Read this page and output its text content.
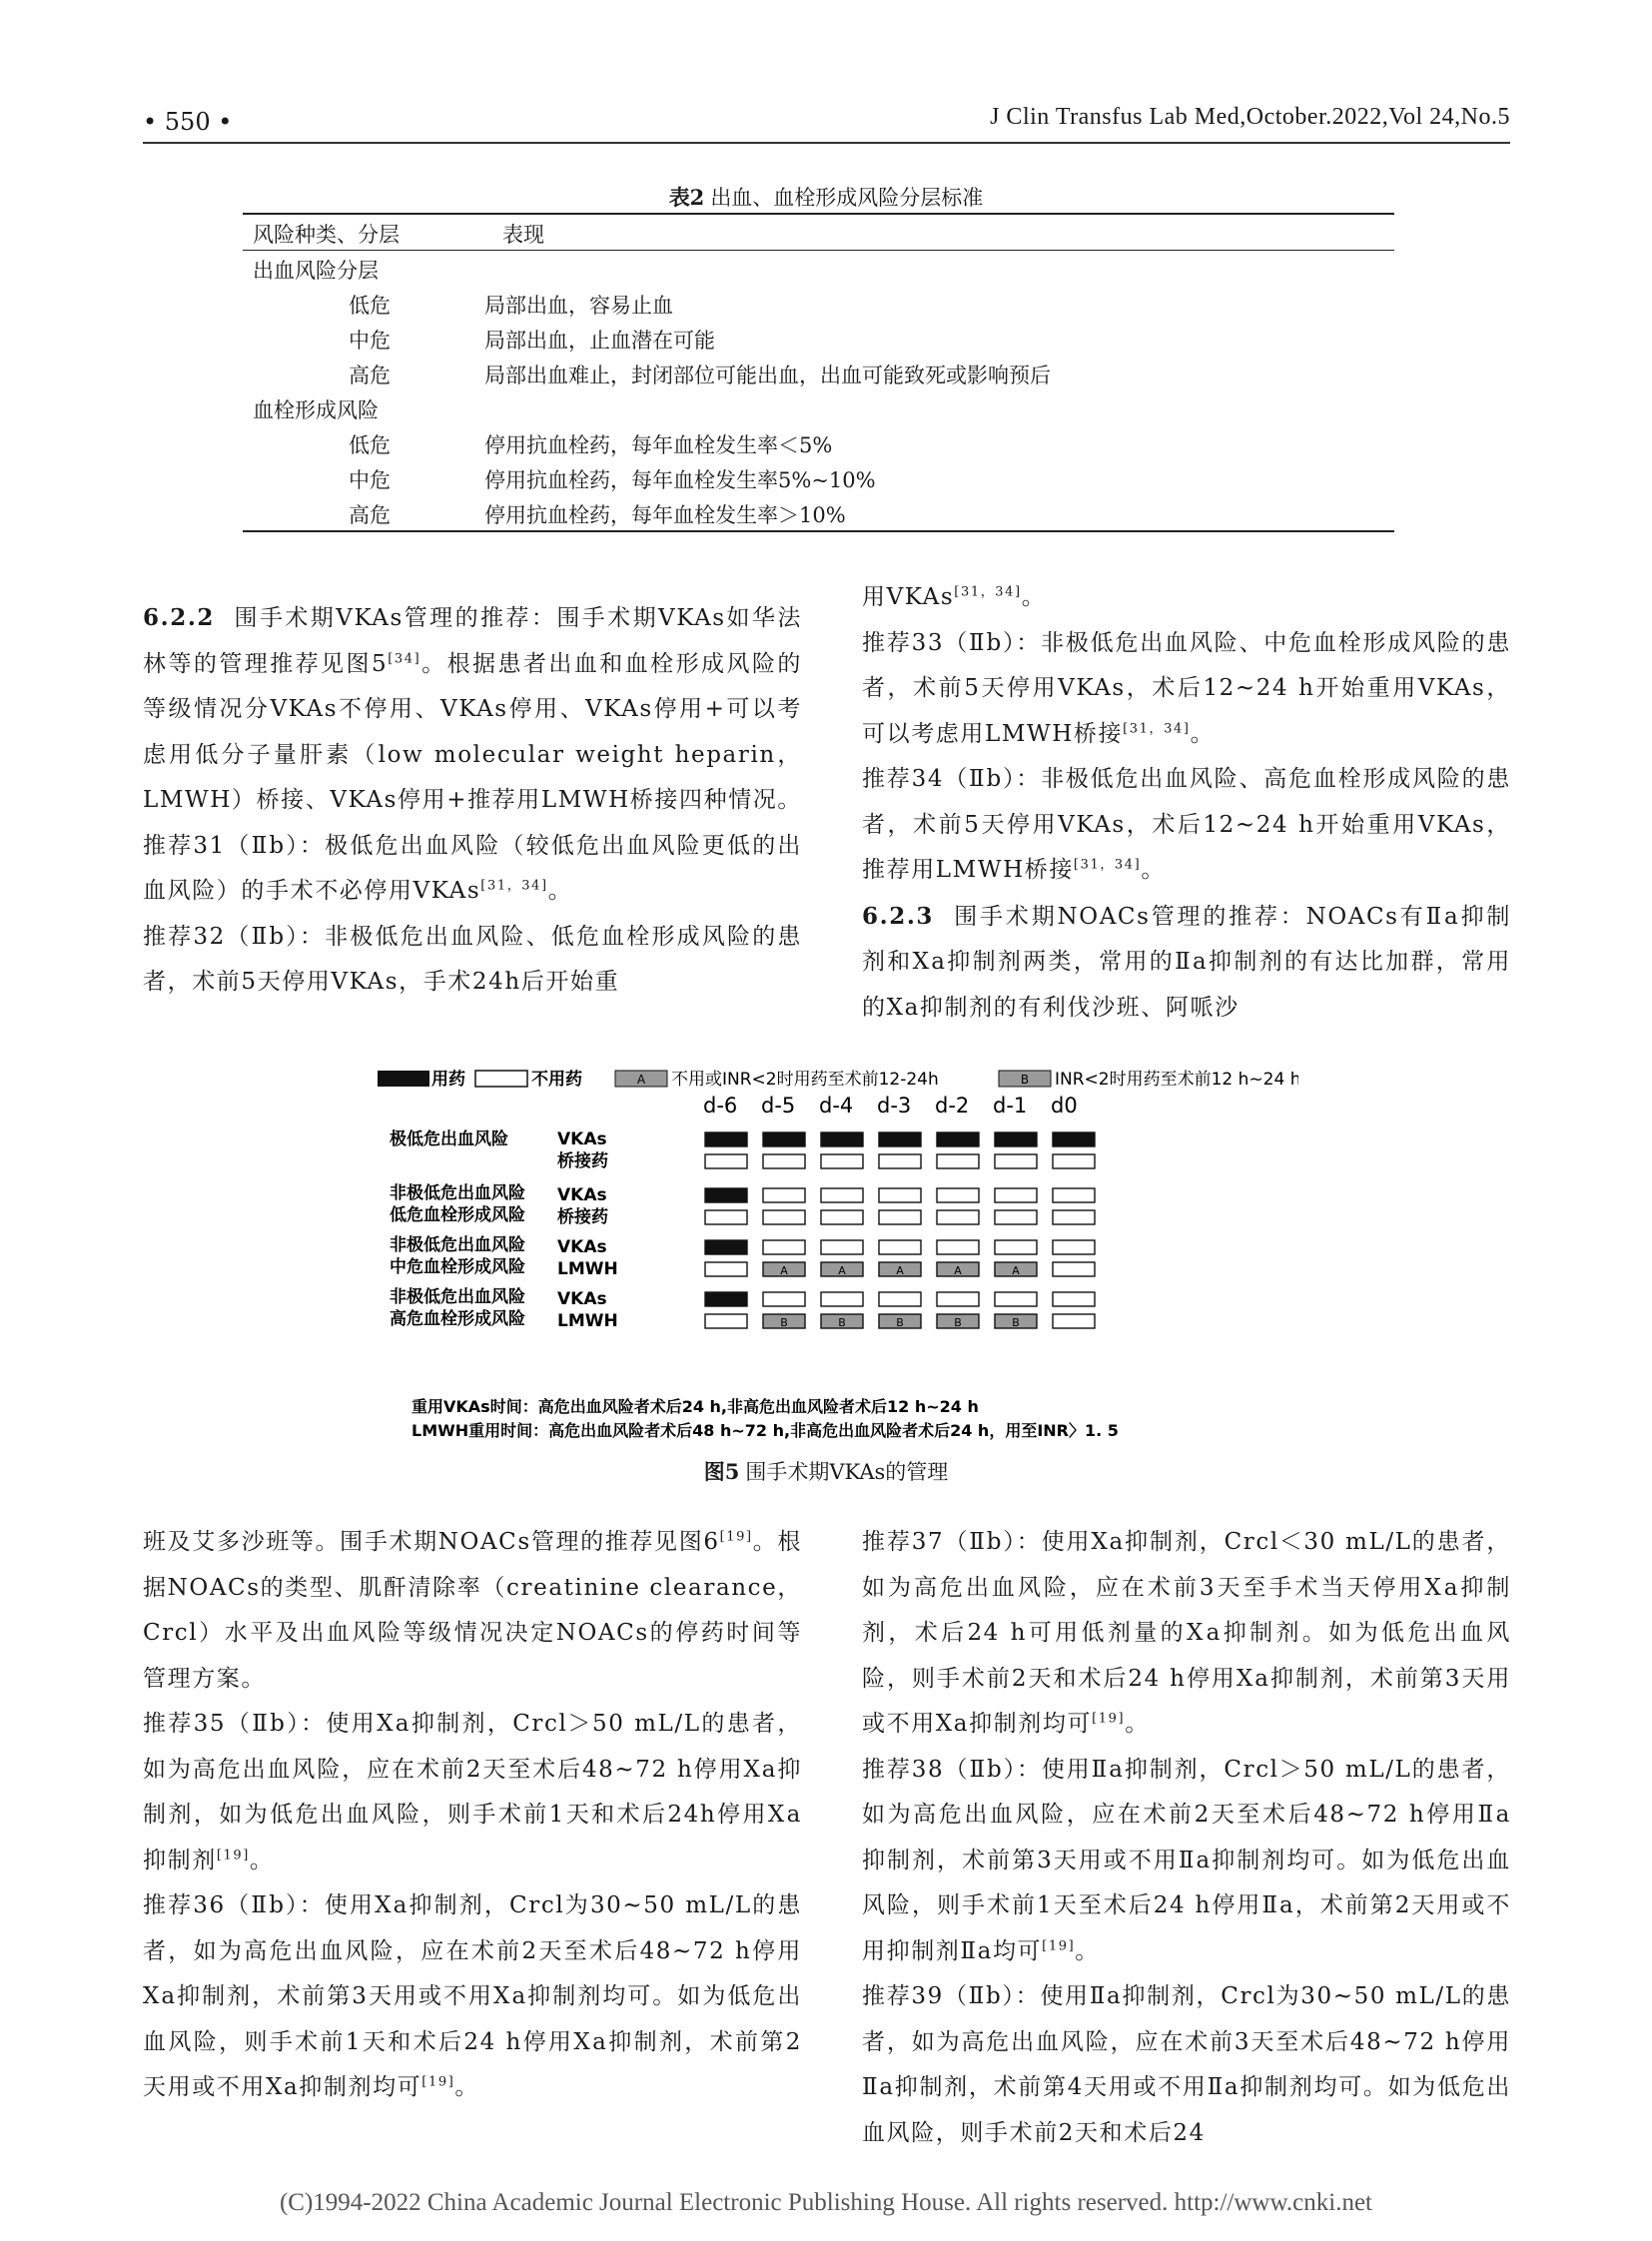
• 550 •	J Clin Transfus Lab Med,October.2022,Vol 24,No.5
表2 出血、血栓形成风险分层标准
风险种类、分层	表现
出血风险分层
低危	局部出血，容易止血
中危	局部出血，止血潜在可能
高危	局部出血难止，封闭部位可能出血，出血可能致死或影响预后
血栓形成风险
低危	停用抗血栓药，每年血栓发生率＜5%
中危	停用抗血栓药，每年血栓发生率5%~10%
高危	停用抗血栓药，每年血栓发生率＞10%

6.2.2 围手术期VKAs管理的推荐：围手术期VKAs如华法林等的管理推荐见图5[34]。根据患者出血和血栓形成风险的等级情况分VKAs不停用、VKAs停用、VKAs停用+可以考虑用低分子量肝素（low molecular weight heparin，LMWH）桥接、VKAs停用+推荐用LMWH桥接四种情况。

推荐31（Ⅱb）：极低危出血风险（较低危出血风险更低的出血风险）的手术不必停用VKAs[31，34]。

推荐32（Ⅱb）：非极低危出血风险、低危血栓形成风险的患者，术前5天停用VKAs，手术24h后开始重

用VKAs[31，34]。

推荐33（Ⅱb）：非极低危出血风险、中危血栓形成风险的患者，术前5天停用VKAs，术后12~24 h开始重用VKAs，可以考虑用LMWH桥接[31，34]。

推荐34（Ⅱb）：非极低危出血风险、高危血栓形成风险的患者，术前5天停用VKAs，术后12~24 h开始重用VKAs，推荐用LMWH桥接[31，34]。

6.2.3 围手术期NOACs管理的推荐：NOACs有Ⅱa抑制剂和Ⅹa抑制剂两类，常用的Ⅱa抑制剂的有达比加群，常用的Ⅹa抑制剂的有利伐沙班、阿哌沙

用药	不用药	A 不用或INR<2时用药至术前12-24h	B INR<2时用药至术前12 h~24 h
d-6 d-5 d-4 d-3 d-2 d-1 d0
极低危出血风险	VKAs
桥接药
非极低危出血风险
低危血栓形成风险
VKAs
桥接药
非极低危出血风险
中危血栓形成风险
VKAs
LMWH	A	A	A	A	A
非极低危出血风险
高危血栓形成风险
VKAs
LMWH	B	B	B	B	B
重用VKAs时间：高危出血风险者术后24 h,非高危出血风险者术后12 h~24 h
LMWH重用时间：高危出血风险者术后48 h~72 h,非高危出血风险者术后24 h，用至INR〉1. 5
图5 围手术期VKAs的管理

班及艾多沙班等。围手术期NOACs管理的推荐见图6[19]。根据NOACs的类型、肌酐清除率（creatinine clearance，Crcl）水平及出血风险等级情况决定NOACs的停药时间等管理方案。

推荐35（Ⅱb）：使用Ⅹa抑制剂，Crcl＞50 mL/L的患者，如为高危出血风险，应在术前2天至术后48~72 h停用Ⅹa抑制剂，如为低危出血风险，则手术前1天和术后24h停用Ⅹa抑制剂[19]。

推荐36（Ⅱb）：使用Ⅹa抑制剂，Crcl为30~50 mL/L的患者，如为高危出血风险，应在术前2天至术后48~72 h停用Ⅹa抑制剂，术前第3天用或不用Ⅹa抑制剂均可。如为低危出血风险，则手术前1天和术后24 h停用Ⅹa抑制剂，术前第2天用或不用Ⅹa抑制剂均可[19]。

推荐37（Ⅱb）：使用Ⅹa抑制剂，Crcl＜30 mL/L的患者，如为高危出血风险，应在术前3天至手术当天停用Ⅹa抑制剂，术后24 h可用低剂量的Ⅹa抑制剂。如为低危出血风险，则手术前2天和术后24 h停用Ⅹa抑制剂，术前第3天用或不用Ⅹa抑制剂均可[19]。

推荐38（Ⅱb）：使用Ⅱa抑制剂，Crcl＞50 mL/L的患者，如为高危出血风险，应在术前2天至术后48~72 h停用Ⅱa抑制剂，术前第3天用或不用Ⅱa抑制剂均可。如为低危出血风险，则手术前1天至术后24 h停用Ⅱa，术前第2天用或不用抑制剂Ⅱa均可[19]。

推荐39（Ⅱb）：使用Ⅱa抑制剂，Crcl为30~50 mL/L的患者，如为高危出血风险，应在术前3天至术后48~72 h停用Ⅱa抑制剂，术前第4天用或不用Ⅱa抑制剂均可。如为低危出血风险，则手术前2天和术后24

(C)1994-2022 China Academic Journal Electronic Publishing House. All rights reserved. http://www.cnki.net
